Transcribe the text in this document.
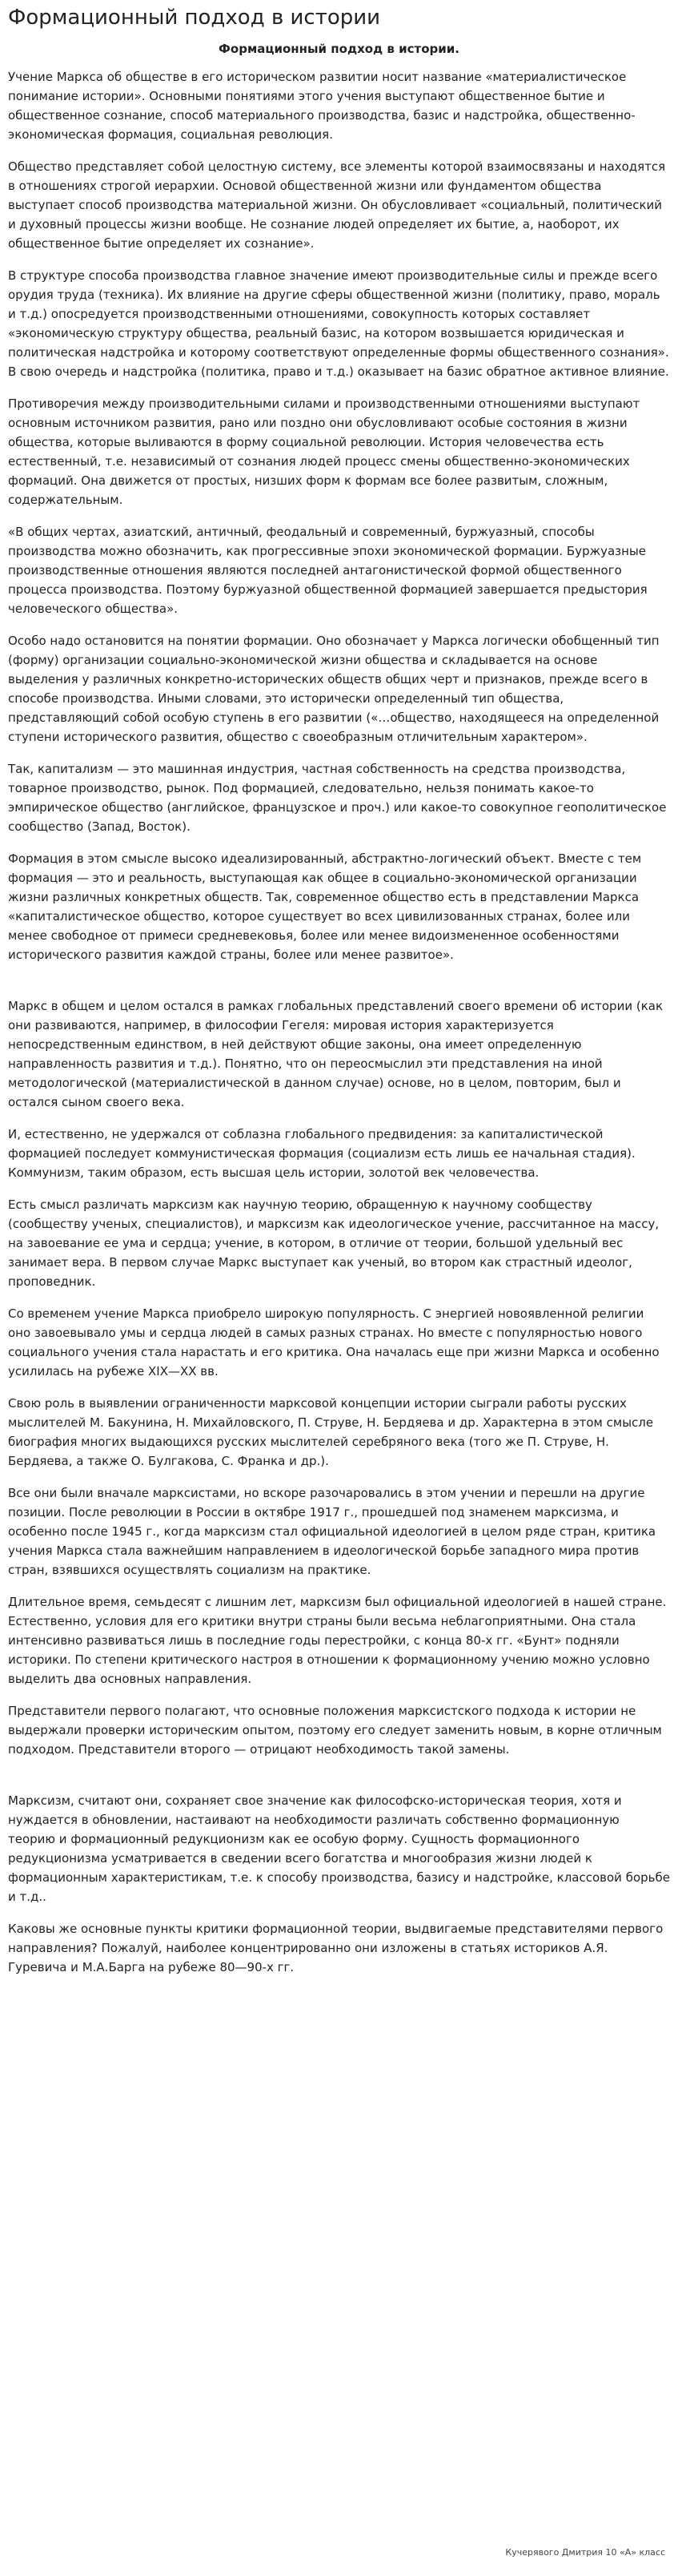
Формационный подход в истории
Формационный подход в истории.

Учение Маркса об обществе в его историческом развитии носит название «материалистическое понимание истории». Основными понятиями этого учения выступают общественное бытие и общественное сознание, способ материального производства, базис и надстройка, общественно-экономическая формация, социальная революция.

Общество представляет собой целостную систему, все элементы которой взаимосвязаны и находятся в отношениях строгой иерархии. Основой общественной жизни или фундаментом общества выступает способ производства материальной жизни. Он обусловливает «социальный, политический и духовный процессы жизни вообще. Не сознание людей определяет их бытие, а, наоборот, их общественное бытие определяет их сознание».

В структуре способа производства главное значение имеют производительные силы и прежде всего орудия труда (техника). Их влияние на другие сферы общественной жизни (политику, право, мораль и т.д.) опосредуется производственными отношениями, совокупность которых составляет «экономическую структуру общества, реальный базис, на котором возвышается юридическая и политическая надстройка и которому соответствуют определенные формы общественного сознания». В свою очередь и надстройка (политика, право и т.д.) оказывает на базис обратное активное влияние.

Противоречия между производительными силами и производственными отношениями выступают основным источником развития, рано или поздно они обусловливают особые состояния в жизни общества, которые выливаются в форму социальной революции. История человечества есть естественный, т.е. независимый от сознания людей процесс смены общественно-экономических формаций. Она движется от простых, низших форм к формам все более развитым, сложным, содержательным.

«В общих чертах, азиатский, античный, феодальный и современный, буржуазный, способы производства можно обозначить, как прогрессивные эпохи экономической формации. Буржуазные производственные отношения являются последней антагонистической формой общественного процесса производства. Поэтому буржуазной общественной формацией завершается предыстория человеческого общества».

Особо надо остановится на понятии формации. Оно обозначает у Маркса логически обобщенный тип (форму) организации социально-экономической жизни общества и складывается на основе выделения у различных конкретно-исторических обществ общих черт и признаков, прежде всего в способе производства. Иными словами, это исторически определенный тип общества, представляющий собой особую ступень в его развитии («…общество, находящееся на определенной ступени исторического развития, общество с своеобразным отличительным характером».

Так, капитализм — это машинная индустрия, частная собственность на средства производства, товарное производство, рынок. Под формацией, следовательно, нельзя понимать какое-то эмпирическое общество (английское, французское и проч.) или какое-то совокупное геополитическое сообщество (Запад, Восток).

Формация в этом смысле высоко идеализированный, абстрактно-логический объект. Вместе с тем формация — это и реальность, выступающая как общее в социально-экономической организации жизни различных конкретных обществ. Так, современное общество есть в представлении Маркса «капиталистическое общество, которое существует во всех цивилизованных странах, более или менее свободное от примеси средневековья, более или менее видоизмененное особенностями исторического развития каждой страны, более или менее развитое».

Маркс в общем и целом остался в рамках глобальных представлений своего времени об истории (как они развиваются, например, в философии Гегеля: мировая история характеризуется непосредственным единством, в ней действуют общие законы, она имеет определенную направленность развития и т.д.). Понятно, что он переосмыслил эти представления на иной методологической (материалистической в данном случае) основе, но в целом, повторим, был и остался сыном своего века.

И, естественно, не удержался от соблазна глобального предвидения: за капиталистической формацией последует коммунистическая формация (социализм есть лишь ее начальная стадия). Коммунизм, таким образом, есть высшая цель истории, золотой век человечества.

Есть смысл различать марксизм как научную теорию, обращенную к научному сообществу (сообществу ученых, специалистов), и марксизм как идеологическое учение, рассчитанное на массу, на завоевание ее ума и сердца; учение, в котором, в отличие от теории, большой удельный вес занимает вера. В первом случае Маркс выступает как ученый, во втором как страстный идеолог, проповедник.

Со временем учение Маркса приобрело широкую популярность. С энергией новоявленной религии оно завоевывало умы и сердца людей в самых разных странах. Но вместе с популярностью нового социального учения стала нарастать и его критика. Она началась еще при жизни Маркса и особенно усилилась на рубеже XIX—XX вв.

Свою роль в выявлении ограниченности марксовой концепции истории сыграли работы русских мыслителей М. Бакунина, Н. Михайловского, П. Струве, Н. Бердяева и др. Характерна в этом смысле биография многих выдающихся русских мыслителей серебряного века (того же П. Струве, Н. Бердяева, а также О. Булгакова, С. Франка и др.).

Все они были вначале марксистами, но вскоре разочаровались в этом учении и перешли на другие позиции. После революции в России в октябре 1917 г., прошедшей под знаменем марксизма, и особенно после 1945 г., когда марксизм стал официальной идеологией в целом ряде стран, критика учения Маркса стала важнейшим направлением в идеологической борьбе западного мира против стран, взявшихся осуществлять социализм на практике.

Длительное время, семьдесят с лишним лет, марксизм был официальной идеологией в нашей стране. Естественно, условия для его критики внутри страны были весьма неблагоприятными. Она стала интенсивно развиваться лишь в последние годы перестройки, с конца 80-х гг. «Бунт» подняли историки. По степени критического настроя в отношении к формационному учению можно условно выделить два основных направления.

Представители первого полагают, что основные положения марксистского подхода к истории не выдержали проверки историческим опытом, поэтому его следует заменить новым, в корне отличным подходом. Представители второго — отрицают необходимость такой замены.

Марксизм, считают они, сохраняет свое значение как философско-историческая теория, хотя и нуждается в обновлении, настаивают на необходимости различать собственно формационную теорию и формационный редукционизм как ее особую форму. Сущность формационного редукционизма усматривается в сведении всего богатства и многообразия жизни людей к формационным характеристикам, т.е. к способу производства, базису и надстройке, классовой борьбе и т.д..

Каковы же основные пункты критики формационной теории, выдвигаемые представителями первого направления? Пожалуй, наиболее концентрированно они изложены в статьях историков А.Я. Гуревича и М.А.Барга на рубеже 80—90-х гг.

Кучерявого Дмитрия 10 «А» класс
